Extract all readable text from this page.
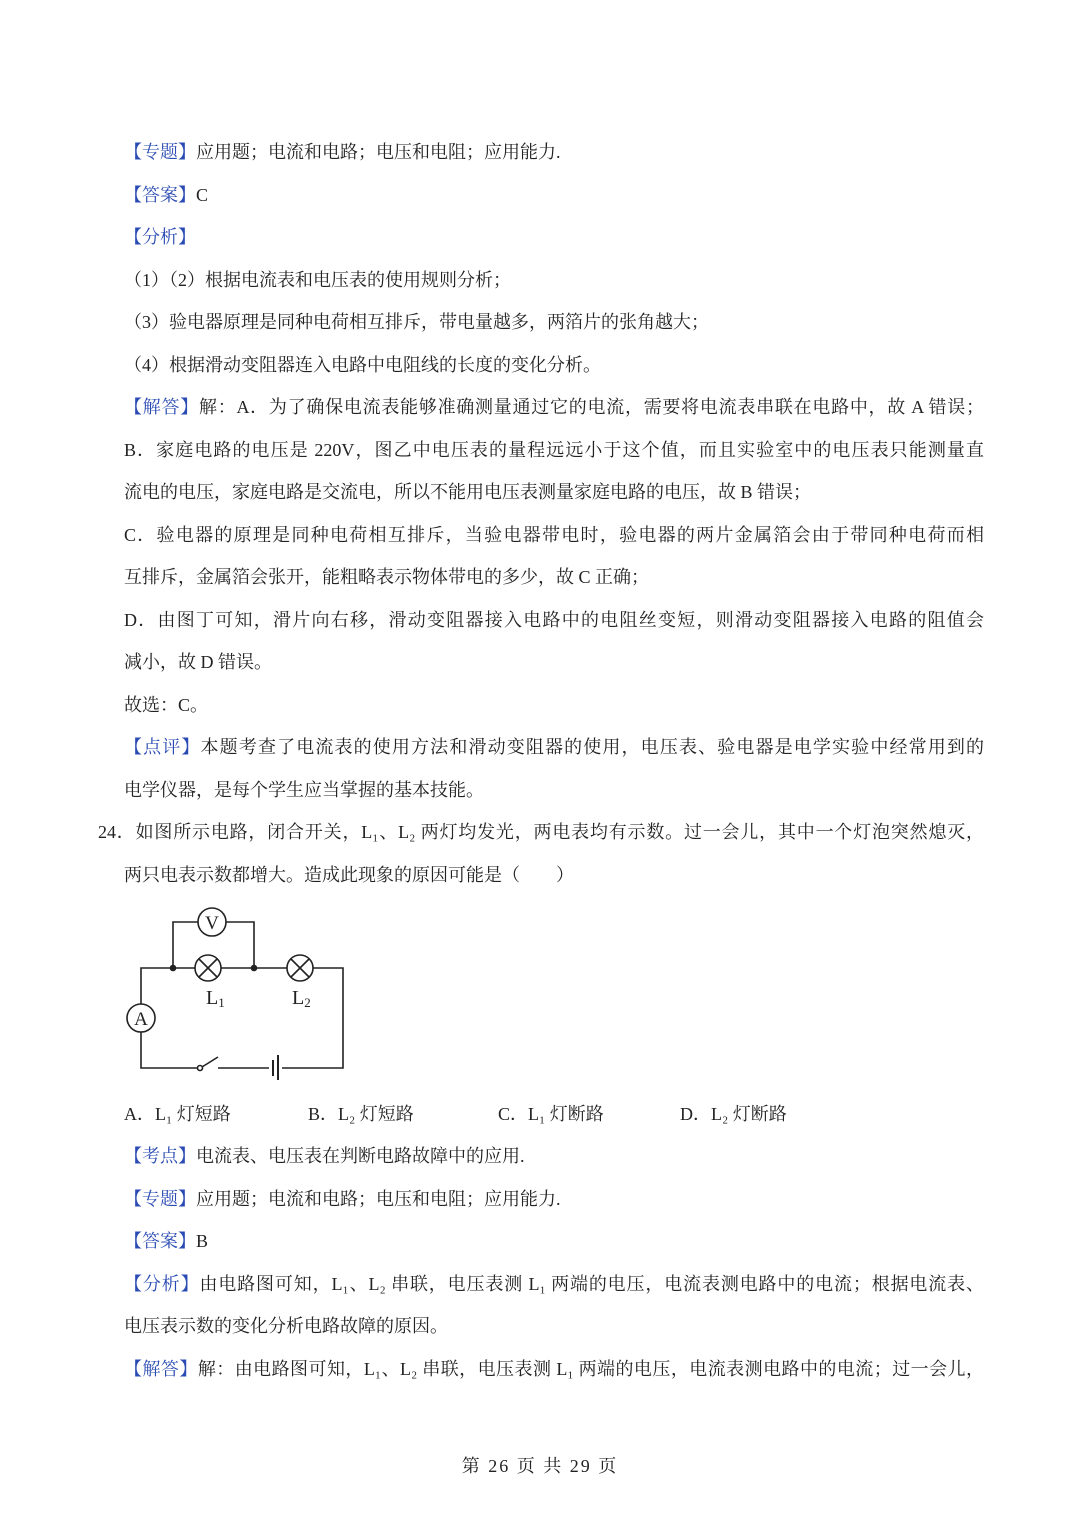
【专题】应用题；电流和电路；电压和电阻；应用能力.
【答案】C
【分析】
（1）（2）根据电流表和电压表的使用规则分析；
（3）验电器原理是同种电荷相互排斥，带电量越多，两箔片的张角越大；
（4）根据滑动变阻器连入电路中电阻线的长度的变化分析。
【解答】解：A．为了确保电流表能够准确测量通过它的电流，需要将电流表串联在电路中，故 A 错误；
B．家庭电路的电压是 220V，图乙中电压表的量程远远小于这个值，而且实验室中的电压表只能测量直
流电的电压，家庭电路是交流电，所以不能用电压表测量家庭电路的电压，故 B 错误；
C．验电器的原理是同种电荷相互排斥，当验电器带电时，验电器的两片金属箔会由于带同种电荷而相
互排斥，金属箔会张开，能粗略表示物体带电的多少，故 C 正确；
D．由图丁可知，滑片向右移，滑动变阻器接入电路中的电阻丝变短，则滑动变阻器接入电路的阻值会
减小，故 D 错误。
故选：C。
【点评】本题考查了电流表的使用方法和滑动变阻器的使用，电压表、验电器是电学实验中经常用到的
电学仪器，是每个学生应当掌握的基本技能。
24．如图所示电路，闭合开关，L₁、L₂ 两灯均发光，两电表均有示数。过一会儿，其中一个灯泡突然熄灭，
两只电表示数都增大。造成此现象的原因可能是（　　）
V
A
L1	L2
A．L₁ 灯短路	B．L₂ 灯短路	C．L₁ 灯断路	D．L₂ 灯断路
【考点】电流表、电压表在判断电路故障中的应用.
【专题】应用题；电流和电路；电压和电阻；应用能力.
【答案】B
【分析】由电路图可知，L₁、L₂ 串联，电压表测 L₁ 两端的电压，电流表测电路中的电流；根据电流表、
电压表示数的变化分析电路故障的原因。
【解答】解：由电路图可知，L₁、L₂ 串联，电压表测 L₁ 两端的电压，电流表测电路中的电流；过一会儿，
第 26 页 共 29 页
